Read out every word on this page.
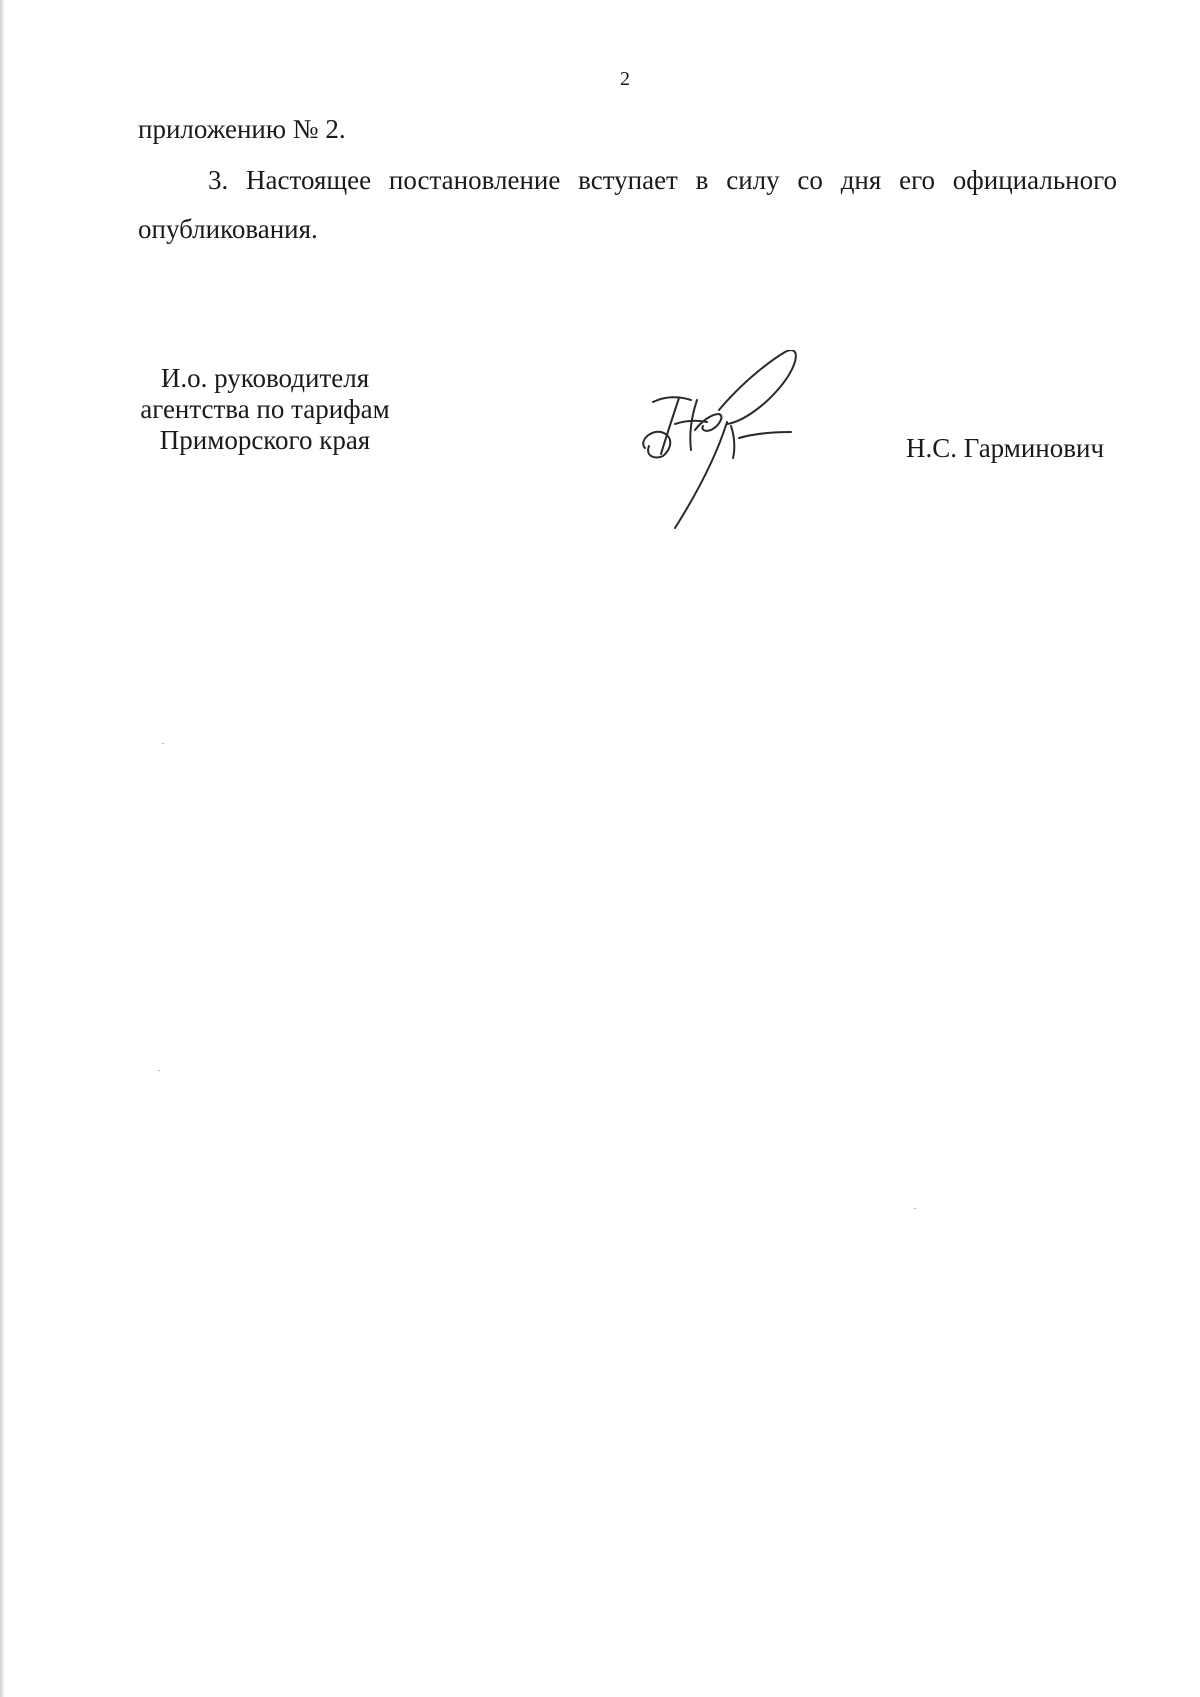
2
приложению № 2.
3. Настоящее постановление вступает в силу со дня его официального
опубликования.
И.о. руководителя
агентства по тарифам
Приморского края	Н.С. Гарминович
